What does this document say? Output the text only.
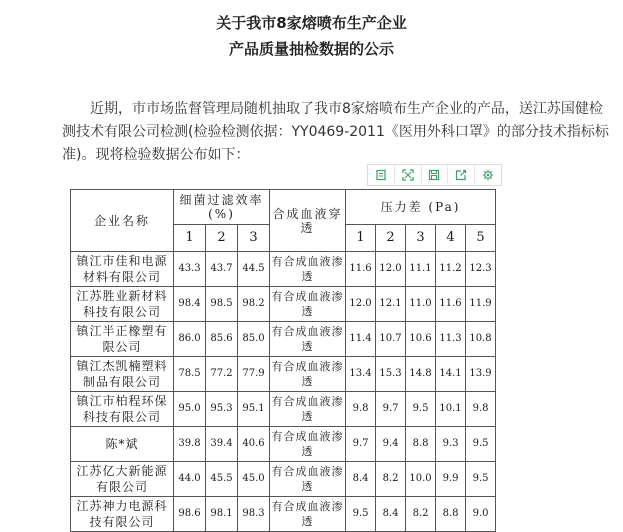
关于我市8家熔喷布生产企业
产品质量抽检数据的公示
近期，市市场监督管理局随机抽取了我市8家熔喷布生产企业的产品，送江苏国健检测技术有限公司检测(检验检测依据：YY0469-2011《医用外科口罩》的部分技术指标标准)。现将检验数据公布如下：
企业名称	细菌过滤效率(%)			合成血液穿透	压力差 (Pa)				
	1	2	3		1	2	3	4	5
镇江市佳和电源材料有限公司	43.3	43.7	44.5	有合成血液渗透	11.6	12.0	11.1	11.2	12.3
江苏胜业新材料科技有限公司	98.4	98.5	98.2	有合成血液渗透	12.0	12.1	11.0	11.6	11.9
镇江半正橡塑有限公司	86.0	85.6	85.0	有合成血液渗透	11.4	10.7	10.6	11.3	10.8
镇江杰凯楠塑料制品有限公司	78.5	77.2	77.9	有合成血液渗透	13.4	15.3	14.8	14.1	13.9
镇江市柏程环保科技有限公司	95.0	95.3	95.1	有合成血液渗透	9.8	9.7	9.5	10.1	9.8
陈*斌	39.8	39.4	40.6	有合成血液渗透	9.7	9.4	8.8	9.3	9.5
江苏亿大新能源有限公司	44.0	45.5	45.0	有合成血液渗透	8.4	8.2	10.0	9.9	9.5
江苏神力电源科技有限公司	98.6	98.1	98.3	有合成血液渗透	9.5	8.4	8.2	8.8	9.0
